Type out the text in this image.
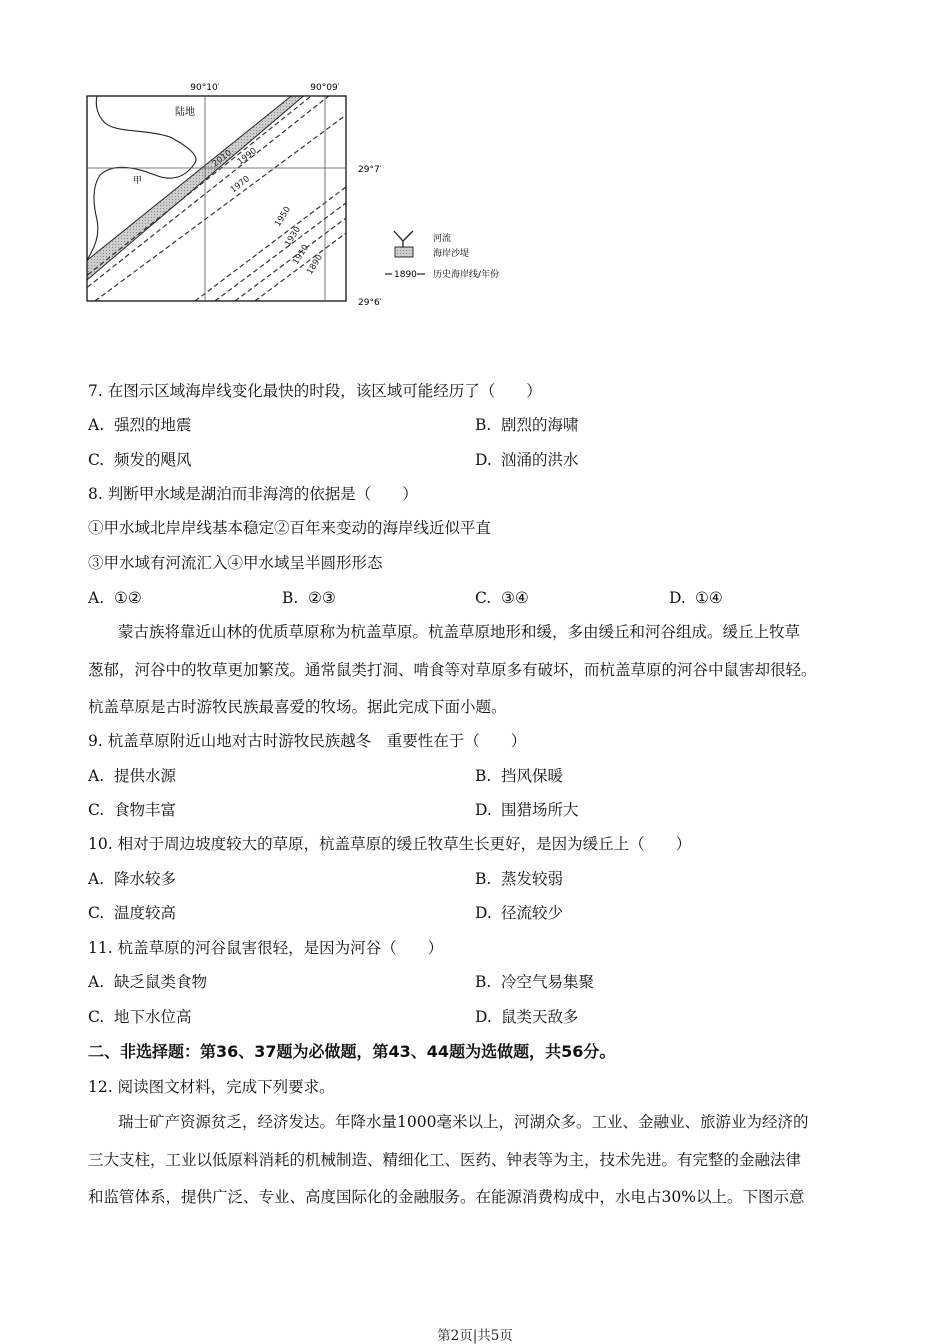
90°10′	90°09′
29°7′
29°6′
陆地
甲
2010 1990
1970
1950
1930
1910
1890
河流
海岸沙堤
1890 历史海岸线/年份
7. 在图示区域海岸线变化最快的时段，该区域可能经历了（　　）
A. 强烈的地震	B. 剧烈的海啸
C. 频发的飓风	D. 汹涌的洪水
8. 判断甲水域是湖泊而非海湾的依据是（　　）
①甲水域北岸岸线基本稳定②百年来变动的海岸线近似平直
③甲水域有河流汇入④甲水域呈半圆形形态
A. ①②	B. ②③	C. ③④	D. ①④
蒙古族将靠近山林的优质草原称为杭盖草原。杭盖草原地形和缓，多由缓丘和河谷组成。缓丘上牧草
葱郁，河谷中的牧草更加繁茂。通常鼠类打洞、啃食等对草原多有破坏，而杭盖草原的河谷中鼠害却很轻。
杭盖草原是古时游牧民族最喜爱的牧场。据此完成下面小题。
9. 杭盖草原附近山地对古时游牧民族越冬　重要性在于（　　）
A. 提供水源	B. 挡风保暖
C. 食物丰富	D. 围猎场所大
10. 相对于周边坡度较大的草原，杭盖草原的缓丘牧草生长更好，是因为缓丘上（　　）
A. 降水较多	B. 蒸发较弱
C. 温度较高	D. 径流较少
11. 杭盖草原的河谷鼠害很轻，是因为河谷（　　）
A. 缺乏鼠类食物	B. 冷空气易集聚
C. 地下水位高	D. 鼠类天敌多
二、非选择题：第36、37题为必做题，第43、44题为选做题，共56分。
12. 阅读图文材料，完成下列要求。
瑞士矿产资源贫乏，经济发达。年降水量1000毫米以上，河湖众多。工业、金融业、旅游业为经济的
三大支柱，工业以低原料消耗的机械制造、精细化工、医药、钟表等为主，技术先进。有完整的金融法律
和监管体系，提供广泛、专业、高度国际化的金融服务。在能源消费构成中，水电占30%以上。下图示意
第2页|共5页
